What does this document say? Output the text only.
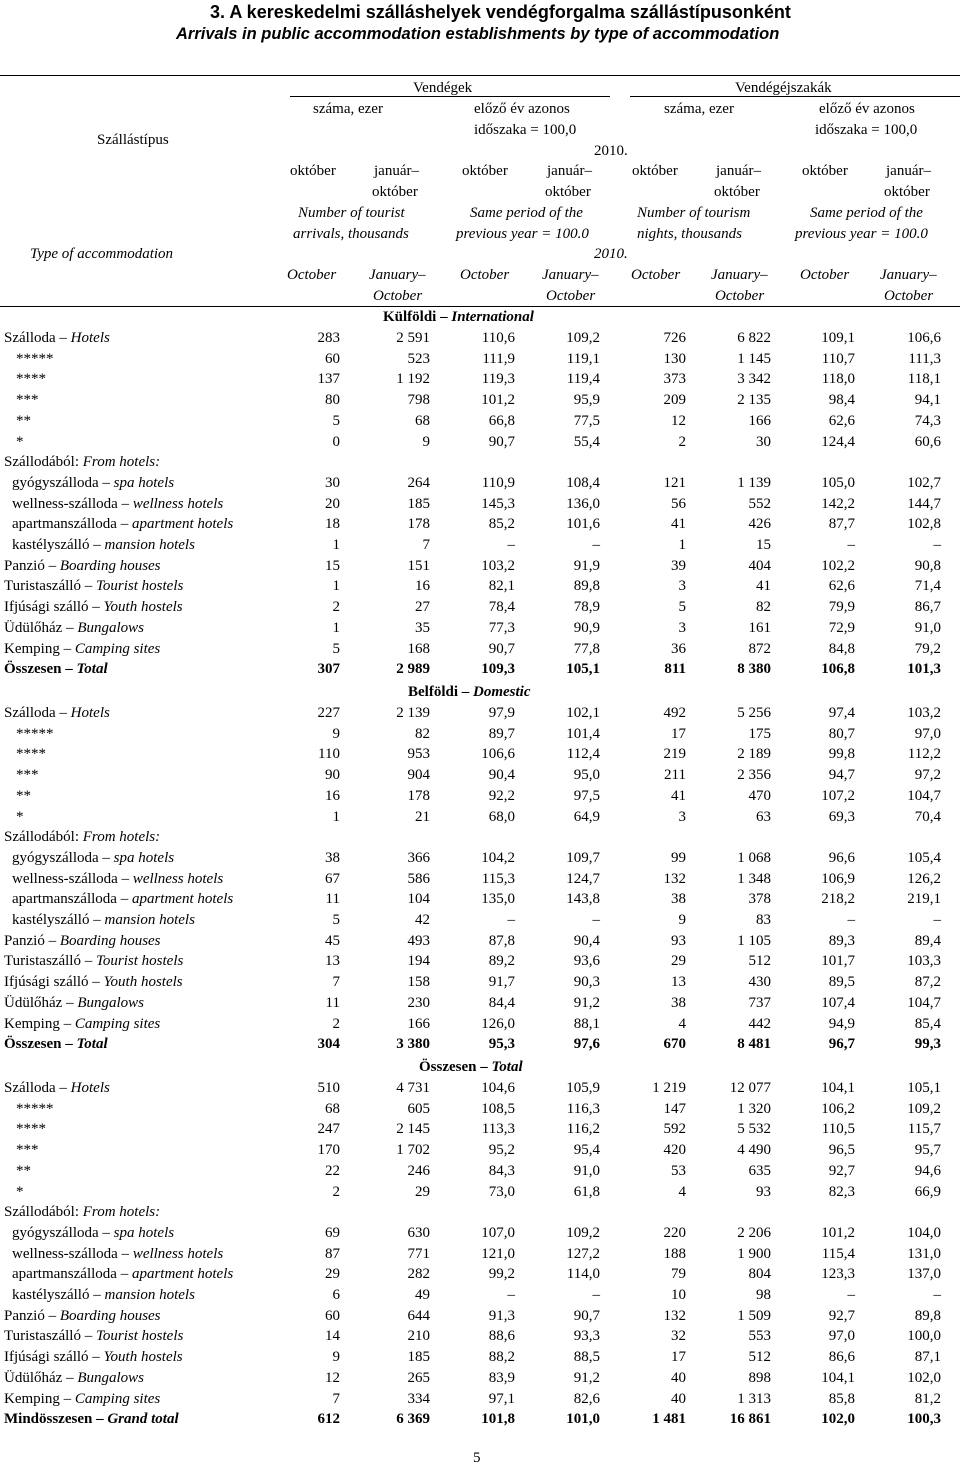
3. A kereskedelmi szálláshelyek vendégforgalma szállástípusonként
Arrivals in public accommodation establishments by type of accommodation
Szállástípus
Type of accommodation
Vendégek	Vendégéjszakák
száma, ezer	előző év azonos
időszaka = 100,0
száma, ezer	előző év azonos
időszaka = 100,0
2010.
október	január–
október
október	január–
október
október	január–
október
október	január–
október
Number of tourist
arrivals, thousands
Same period of the
previous year = 100.0
Number of tourism
nights, thousands
Same period of the
previous year = 100.0
2010.
October January–
October
October January–
October
October January–
October
October January–
October
Külföldi – International
Szálloda – Hotels	283	2 591	110,6	109,2	726	6 822	109,1	106,6
*****	60	523	111,9	119,1	130	1 145	110,7	111,3
****	137	1 192	119,3	119,4	373	3 342	118,0	118,1
***	80	798	101,2	95,9	209	2 135	98,4	94,1
**	5	68	66,8	77,5	12	166	62,6	74,3
*	0	9	90,7	55,4	2	30	124,4	60,6
Szállodából: From hotels:
gyógyszálloda – spa hotels	30	264	110,9	108,4	121	1 139	105,0	102,7
wellness-szálloda – wellness hotels	20	185	145,3	136,0	56	552	142,2	144,7
apartmanszálloda – apartment hotels	18	178	85,2	101,6	41	426	87,7	102,8
kastélyszálló – mansion hotels	1	7	–	–	1	15	–	–
Panzió – Boarding houses	15	151	103,2	91,9	39	404	102,2	90,8
Turistaszálló – Tourist hostels	1	16	82,1	89,8	3	41	62,6	71,4
Ifjúsági szálló – Youth hostels	2	27	78,4	78,9	5	82	79,9	86,7
Üdülőház – Bungalows	1	35	77,3	90,9	3	161	72,9	91,0
Kemping – Camping sites	5	168	90,7	77,8	36	872	84,8	79,2
Összesen – Total	307	2 989	109,3	105,1	811	8 380	106,8	101,3
Belföldi – Domestic
Szálloda – Hotels	227	2 139	97,9	102,1	492	5 256	97,4	103,2
*****	9	82	89,7	101,4	17	175	80,7	97,0
****	110	953	106,6	112,4	219	2 189	99,8	112,2
***	90	904	90,4	95,0	211	2 356	94,7	97,2
**	16	178	92,2	97,5	41	470	107,2	104,7
*	1	21	68,0	64,9	3	63	69,3	70,4
Szállodából: From hotels:
gyógyszálloda – spa hotels	38	366	104,2	109,7	99	1 068	96,6	105,4
wellness-szálloda – wellness hotels	67	586	115,3	124,7	132	1 348	106,9	126,2
apartmanszálloda – apartment hotels	11	104	135,0	143,8	38	378	218,2	219,1
kastélyszálló – mansion hotels	5	42	–	–	9	83	–	–
Panzió – Boarding houses	45	493	87,8	90,4	93	1 105	89,3	89,4
Turistaszálló – Tourist hostels	13	194	89,2	93,6	29	512	101,7	103,3
Ifjúsági szálló – Youth hostels	7	158	91,7	90,3	13	430	89,5	87,2
Üdülőház – Bungalows	11	230	84,4	91,2	38	737	107,4	104,7
Kemping – Camping sites	2	166	126,0	88,1	4	442	94,9	85,4
Összesen – Total	304	3 380	95,3	97,6	670	8 481	96,7	99,3
Összesen – Total
Szálloda – Hotels	510	4 731	104,6	105,9	1 219	12 077	104,1	105,1
*****	68	605	108,5	116,3	147	1 320	106,2	109,2
****	247	2 145	113,3	116,2	592	5 532	110,5	115,7
***	170	1 702	95,2	95,4	420	4 490	96,5	95,7
**	22	246	84,3	91,0	53	635	92,7	94,6
*	2	29	73,0	61,8	4	93	82,3	66,9
Szállodából: From hotels:
gyógyszálloda – spa hotels	69	630	107,0	109,2	220	2 206	101,2	104,0
wellness-szálloda – wellness hotels	87	771	121,0	127,2	188	1 900	115,4	131,0
apartmanszálloda – apartment hotels	29	282	99,2	114,0	79	804	123,3	137,0
kastélyszálló – mansion hotels	6	49	–	–	10	98	–	–
Panzió – Boarding houses	60	644	91,3	90,7	132	1 509	92,7	89,8
Turistaszálló – Tourist hostels	14	210	88,6	93,3	32	553	97,0	100,0
Ifjúsági szálló – Youth hostels	9	185	88,2	88,5	17	512	86,6	87,1
Üdülőház – Bungalows	12	265	83,9	91,2	40	898	104,1	102,0
Kemping – Camping sites	7	334	97,1	82,6	40	1 313	85,8	81,2
Mindösszesen – Grand total	612	6 369	101,8	101,0	1 481	16 861	102,0	100,3
5
